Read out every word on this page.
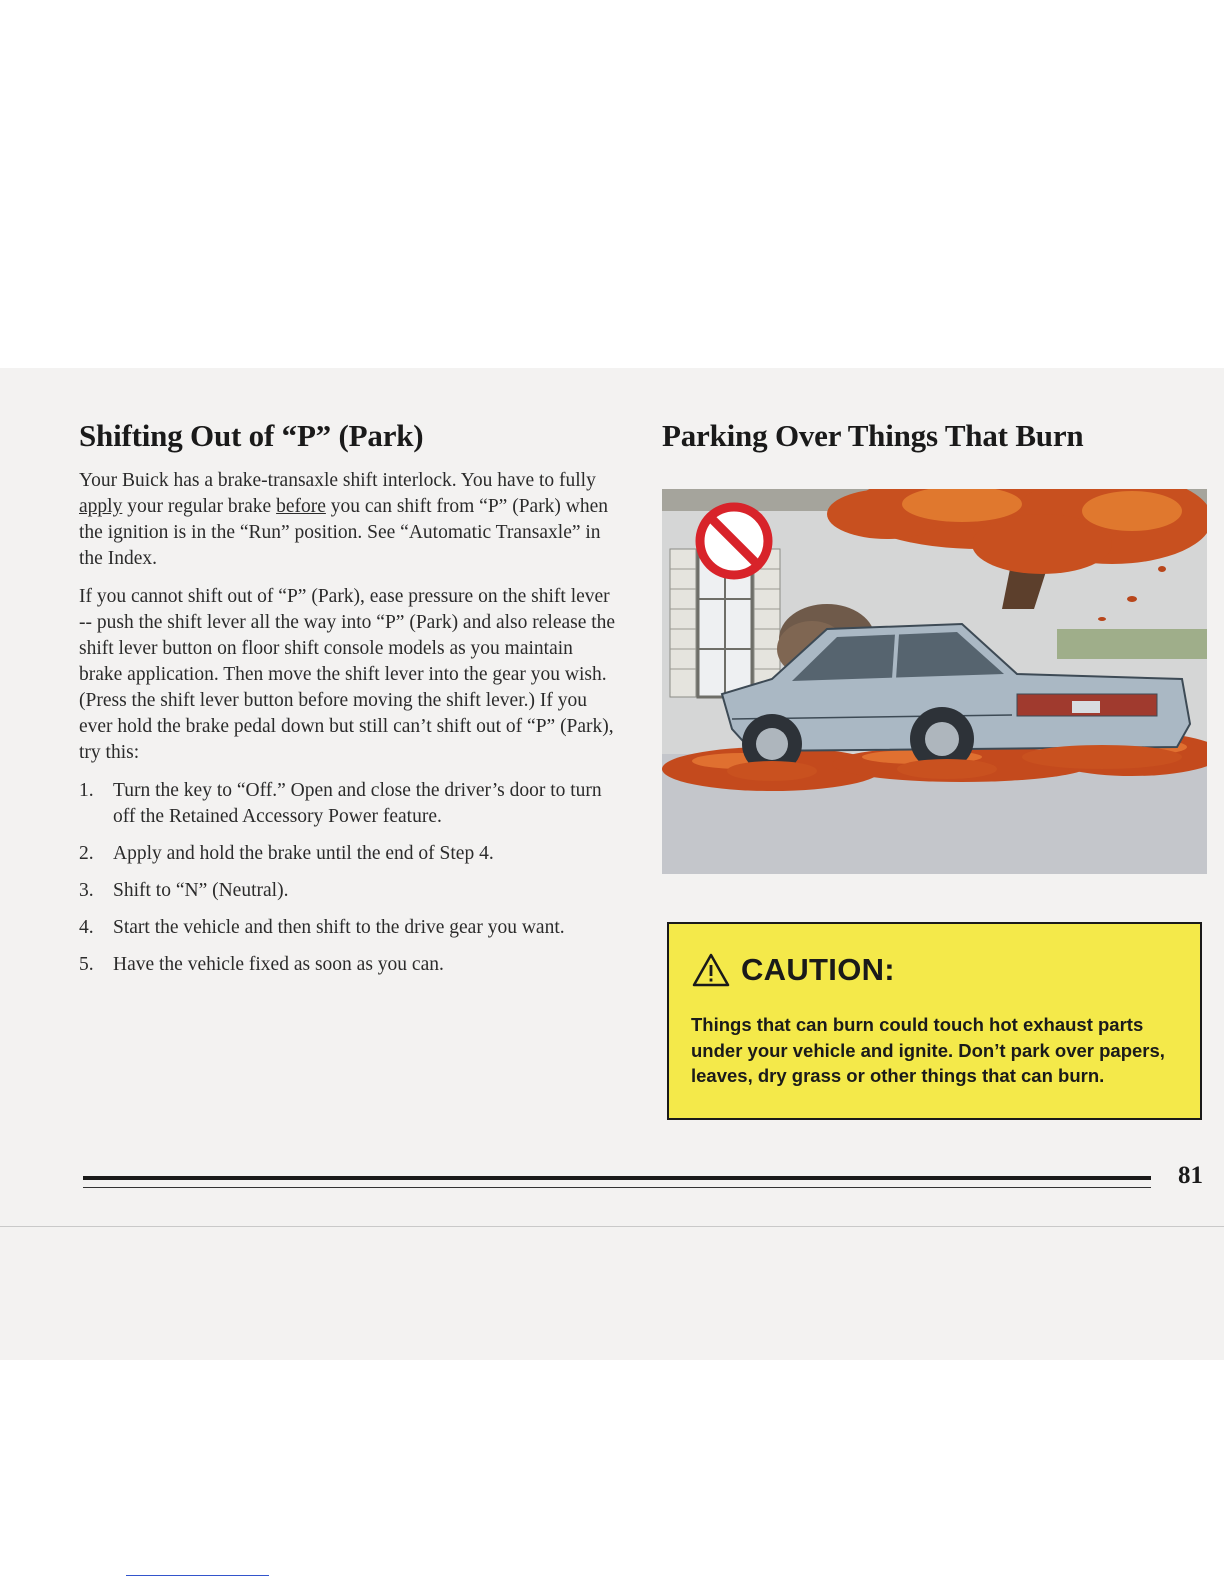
Shifting Out of “P” (Park)

Your Buick has a brake-transaxle shift interlock. You have to fully apply your regular brake before you can shift from “P” (Park) when the ignition is in the “Run” position. See “Automatic Transaxle” in the Index.

If you cannot shift out of “P” (Park), ease pressure on the shift lever -- push the shift lever all the way into “P” (Park) and also release the shift lever button on floor shift console models as you maintain brake application. Then move the shift lever into the gear you wish. (Press the shift lever button before moving the shift lever.) If you ever hold the brake pedal down but still can’t shift out of “P” (Park), try this:

1. Turn the key to “Off.” Open and close the driver’s door to turn off the Retained Accessory Power feature.
2. Apply and hold the brake until the end of Step 4.
3. Shift to “N” (Neutral).
4. Start the vehicle and then shift to the drive gear you want.
5. Have the vehicle fixed as soon as you can.
Parking Over Things That Burn
CAUTION:
Things that can burn could touch hot exhaust parts under your vehicle and ignite. Don’t park over papers, leaves, dry grass or other things that can burn.
81
